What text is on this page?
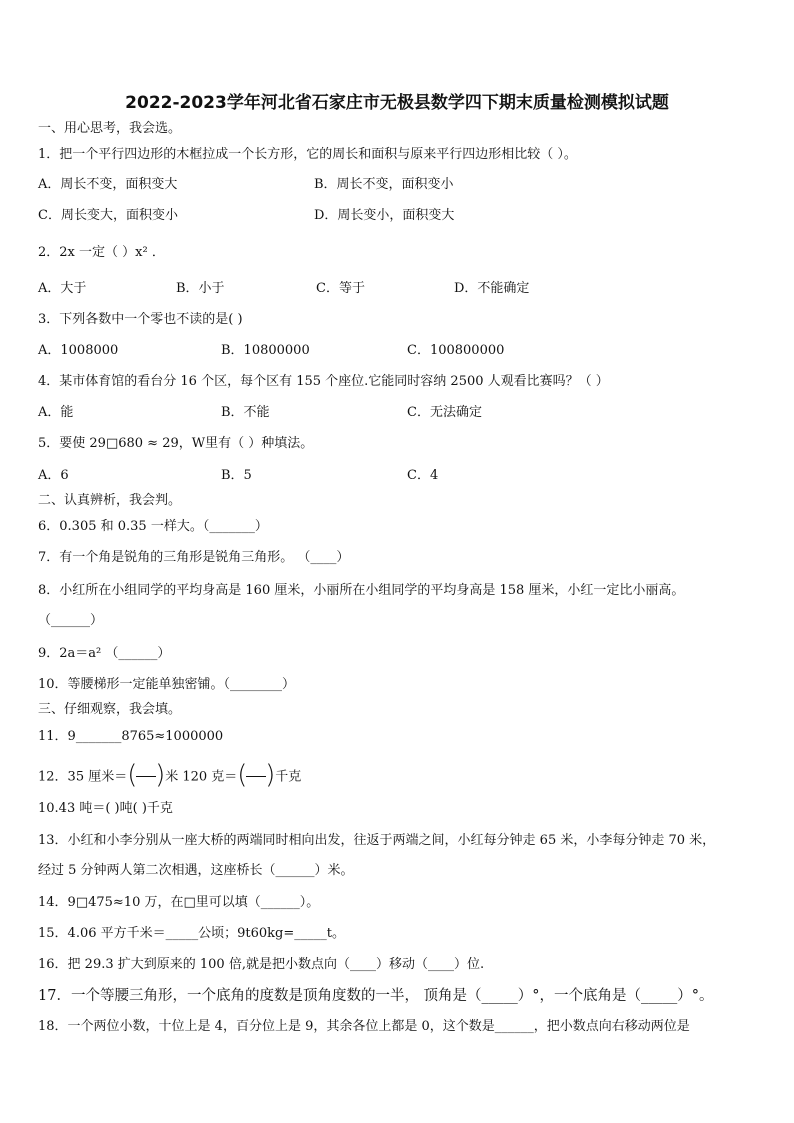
2022-2023学年河北省石家庄市无极县数学四下期末质量检测模拟试题
一、用心思考，我会选。
1．把一个平行四边形的木框拉成一个长方形，它的周长和面积与原来平行四边形相比较（ ）。
A．周长不变，面积变大	B．周长不变，面积变小
C．周长变大，面积变小	D．周长变小，面积变大
2．2x 一定（ ）x² ．
A．大于	B．小于	C．等于	D．不能确定
3．下列各数中一个零也不读的是( )
A．1008000	B．10800000	C．100800000
4．某市体育馆的看台分 16 个区，每个区有 155 个座位.它能同时容纳 2500 人观看比赛吗？（ ）
A．能	B．不能	C．无法确定
5．要使 29□680 ≈ 29，W里有（ ）种填法。
A．6	B．5	C．4
二、认真辨析，我会判。
6．0.305 和 0.35 一样大。（_______）
7．有一个角是锐角的三角形是锐角三角形。 （____）
8．小红所在小组同学的平均身高是 160 厘米，小丽所在小组同学的平均身高是 158 厘米，小红一定比小丽高。
（______）
9．2a＝a² （______）
10．等腰梯形一定能单独密铺。（________）
三、仔细观察，我会填。
11．9_______8765≈1000000
12．35 厘米＝ ( ) 米 120 克＝ ( ) 千克
10.43 吨＝( )吨( )千克
13．小红和小李分别从一座大桥的两端同时相向出发，往返于两端之间，小红每分钟走 65 米，小李每分钟走 70 米，
经过 5 分钟两人第二次相遇，这座桥长（______）米。
14．9□475≈10 万，在□里可以填（______）。
15．4.06 平方千米＝_____公顷；9t60kg=_____t。
16．把 29.3 扩大到原来的 100 倍,就是把小数点向（____）移动（____）位.
17．一个等腰三角形，一个底角的度数是顶角度数的一半， 顶角是（_____）°，一个底角是（_____）°。
18．一个两位小数，十位上是 4，百分位上是 9，其余各位上都是 0，这个数是______，把小数点向右移动两位是
